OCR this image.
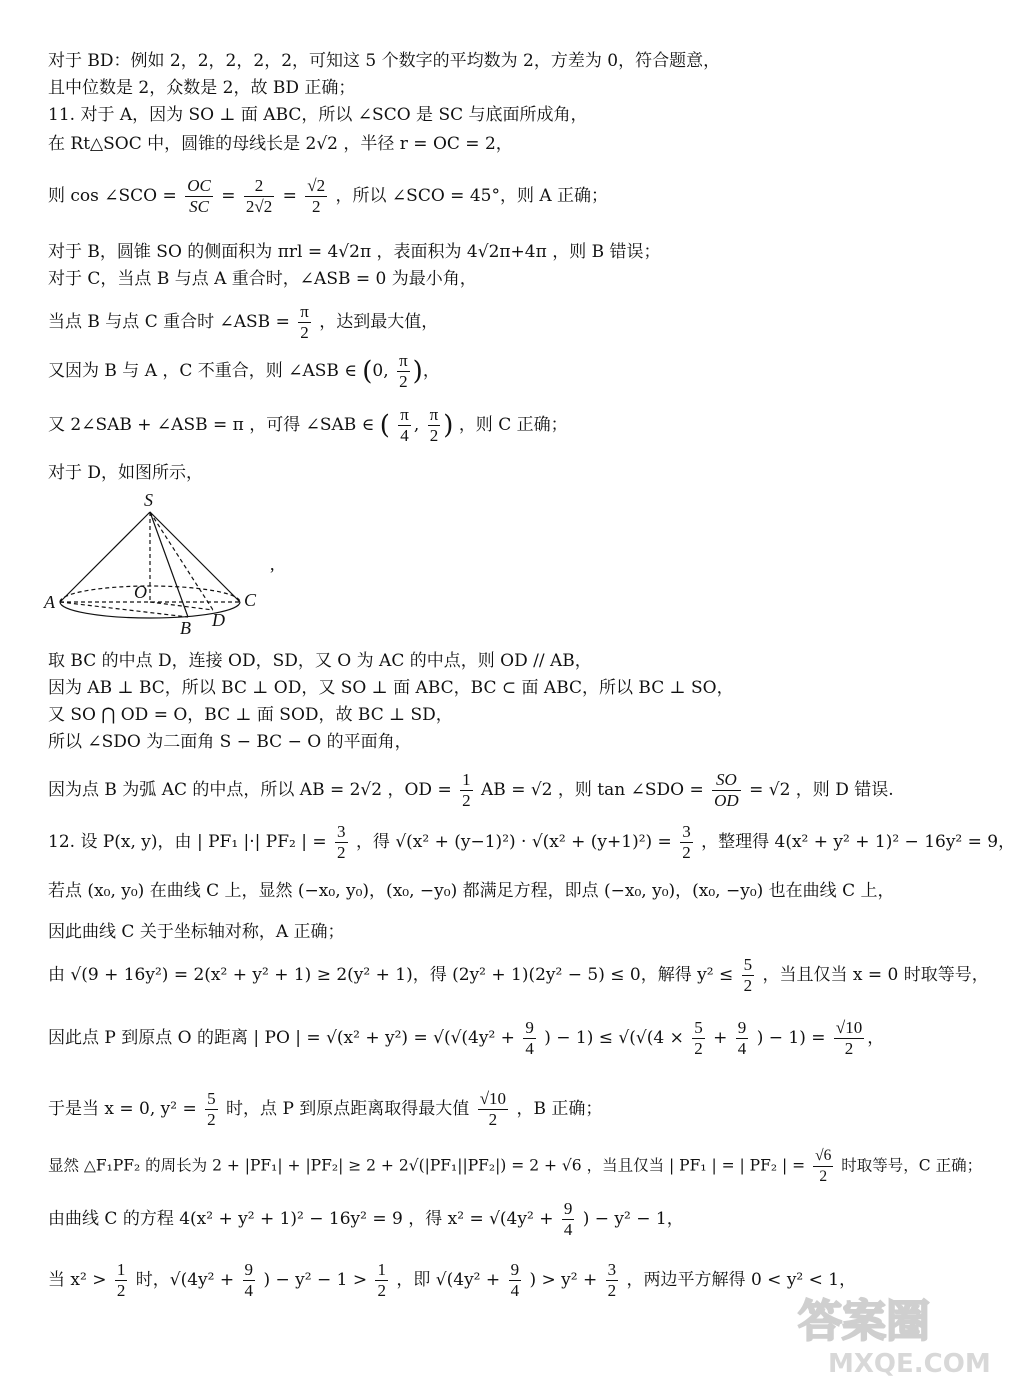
对于 BD：例如 2，2，2，2，2，可知这 5 个数字的平均数为 2，方差为 0，符合题意，
且中位数是 2，众数是 2，故 BD 正确；
11. 对于 A，因为 SO ⊥ 面 ABC，所以 ∠SCO 是 SC 与底面所成角，
在 Rt△SOC 中，圆锥的母线长是 2√2 ，半径 r = OC = 2，
则 cos ∠SCO = $\frac{OC}{SC} = \frac{2}{2√2} = \frac{√2}{2}$ ，所以 ∠SCO = 45°，则 A 正确；
对于 B，圆锥 SO 的侧面积为 πrl = 4√2π ，表面积为 4√2π+4π ，则 B 错误；
对于 C，当点 B 与点 A 重合时，∠ASB = 0 为最小角，
当点 B 与点 C 重合时 ∠ASB = $\frac{\pi}{2}$ ，达到最大值，
又因为 B 与 A ，C 不重合，则 ∠ASB ∈ (0, $\frac{\pi}{2}$ )，
又 2∠SAB + ∠ASB = π ，可得 ∠SAB ∈ ( $\frac{\pi}{4}$ , $\frac{\pi}{2}$ ) ，则 C 正确；
对于 D，如图所示，
S
O
A
B
C
D
,
取 BC 的中点 D，连接 OD，SD，又 O 为 AC 的中点，则 OD // AB，
因为 AB ⊥ BC，所以 BC ⊥ OD，又 SO ⊥ 面 ABC，BC ⊂ 面 ABC，所以 BC ⊥ SO，
又 SO ⋂ OD = O，BC ⊥ 面 SOD，故 BC ⊥ SD，
所以 ∠SDO 为二面角 S − BC − O 的平面角，
因为点 B 为弧 AC 的中点，所以 AB = 2√2 ，OD = $\frac{1}{2}$ AB = √2 ，则 tan ∠SDO = $\frac{SO}{OD} = √2$ ，则 D 错误.
12. 设 P(x, y)，由 | PF₁ |·| PF₂ | = $\frac{3}{2}$ ，得 $√(x^2 + (y-1)^2) \cdot √(x^2 + (y+1)^2) = \frac{3}{2}$ ，整理得 4(x² + y² + 1)² − 16y² = 9，
若点 (x₀, y₀) 在曲线 C 上，显然 (−x₀, y₀)，(x₀, −y₀) 都满足方程，即点 (−x₀, y₀)，(x₀, −y₀) 也在曲线 C 上，
因此曲线 C 关于坐标轴对称，A 正确；
由 √(9 + 16y²) = 2(x² + y² + 1) ≥ 2(y² + 1)，得 (2y² + 1)(2y² − 5) ≤ 0，解得 $y^2 \le \frac{5}{2}$ ，当且仅当 x = 0 时取等号，
因此点 P 到原点 O 的距离 | PO | = $√(x^2 + y^2) = √(√(4y^2 + \frac{9}{4}$ ) − $1) \le √(√(4 \times \frac{5}{2} + \frac{9}{4}$ ) − $1) = \frac{√10}{2}$ ，
于是当 x = 0, $y^2 = \frac{5}{2}$ 时，点 P 到原点距离取得最大值 $\frac{√10}{2}$ ，B 正确；
显然 △F₁PF₂ 的周长为 2 + |PF₁| + |PF₂| ≥ 2 + 2√(|PF₁||PF₂|) = 2 + √6 ，当且仅当 | PF₁ | = | PF₂ | = $\frac{√6}{2}$ 时取等号，C 正确；
由曲线 C 的方程 4(x² + y² + 1)² − 16y² = 9 ，得 $x^2 = √(4y^2 + \frac{9}{4}$ ) − y² − 1，
当 $x^2 > \frac{1}{2}$ 时，$√(4y^2 + \frac{9}{4}$ ) − $y^2 - 1 > \frac{1}{2}$ ，即 $√(4y^2 + \frac{9}{4}$ ) > $y^2 + \frac{3}{2}$ ，两边平方解得 0 < y² < 1，
答案圈
MXQE.COM
